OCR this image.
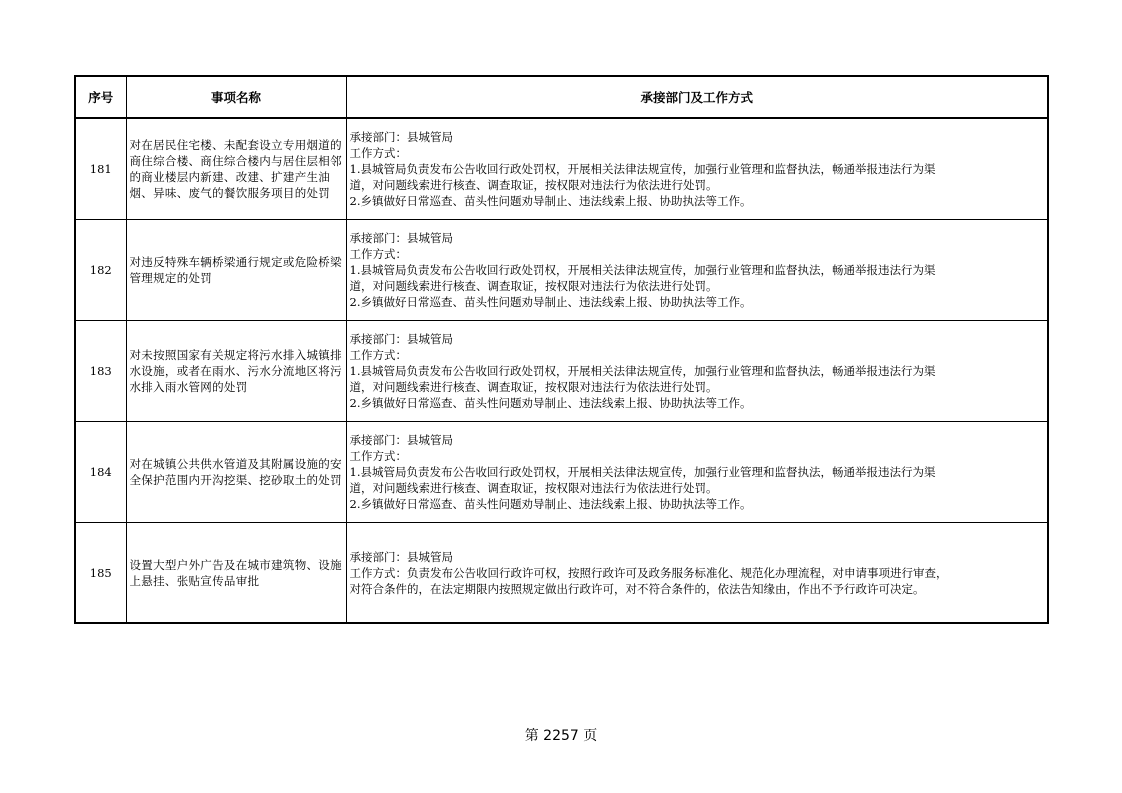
序号	事项名称	承接部门及工作方式
181	对在居民住宅楼、未配套设立专用烟道的商住综合楼、商住综合楼内与居住层相邻的商业楼层内新建、改建、扩建产生油烟、异味、废气的餐饮服务项目的处罚	承接部门：县城管局
工作方式：
1.县城管局负责发布公告收回行政处罚权，开展相关法律法规宣传，加强行业管理和监督执法，畅通举报违法行为渠
道，对问题线索进行核查、调查取证，按权限对违法行为依法进行处罚。
2.乡镇做好日常巡查、苗头性问题劝导制止、违法线索上报、协助执法等工作。

182	对违反特殊车辆桥梁通行规定或危险桥梁管理规定的处罚	承接部门：县城管局
工作方式：
1.县城管局负责发布公告收回行政处罚权，开展相关法律法规宣传，加强行业管理和监督执法，畅通举报违法行为渠
道，对问题线索进行核查、调查取证，按权限对违法行为依法进行处罚。
2.乡镇做好日常巡查、苗头性问题劝导制止、违法线索上报、协助执法等工作。

183	对未按照国家有关规定将污水排入城镇排水设施，或者在雨水、污水分流地区将污水排入雨水管网的处罚	承接部门：县城管局
工作方式：
1.县城管局负责发布公告收回行政处罚权，开展相关法律法规宣传，加强行业管理和监督执法，畅通举报违法行为渠
道，对问题线索进行核查、调查取证，按权限对违法行为依法进行处罚。
2.乡镇做好日常巡查、苗头性问题劝导制止、违法线索上报、协助执法等工作。

184	对在城镇公共供水管道及其附属设施的安全保护范围内开沟挖渠、挖砂取土的处罚	承接部门：县城管局
工作方式：
1.县城管局负责发布公告收回行政处罚权，开展相关法律法规宣传，加强行业管理和监督执法，畅通举报违法行为渠
道，对问题线索进行核查、调查取证，按权限对违法行为依法进行处罚。
2.乡镇做好日常巡查、苗头性问题劝导制止、违法线索上报、协助执法等工作。

185	设置大型户外广告及在城市建筑物、设施上悬挂、张贴宣传品审批	承接部门：县城管局
工作方式：负责发布公告收回行政许可权，按照行政许可及政务服务标准化、规范化办理流程，对申请事项进行审查，
对符合条件的，在法定期限内按照规定做出行政许可，对不符合条件的，依法告知缘由，作出不予行政许可决定。
第 2257 页
